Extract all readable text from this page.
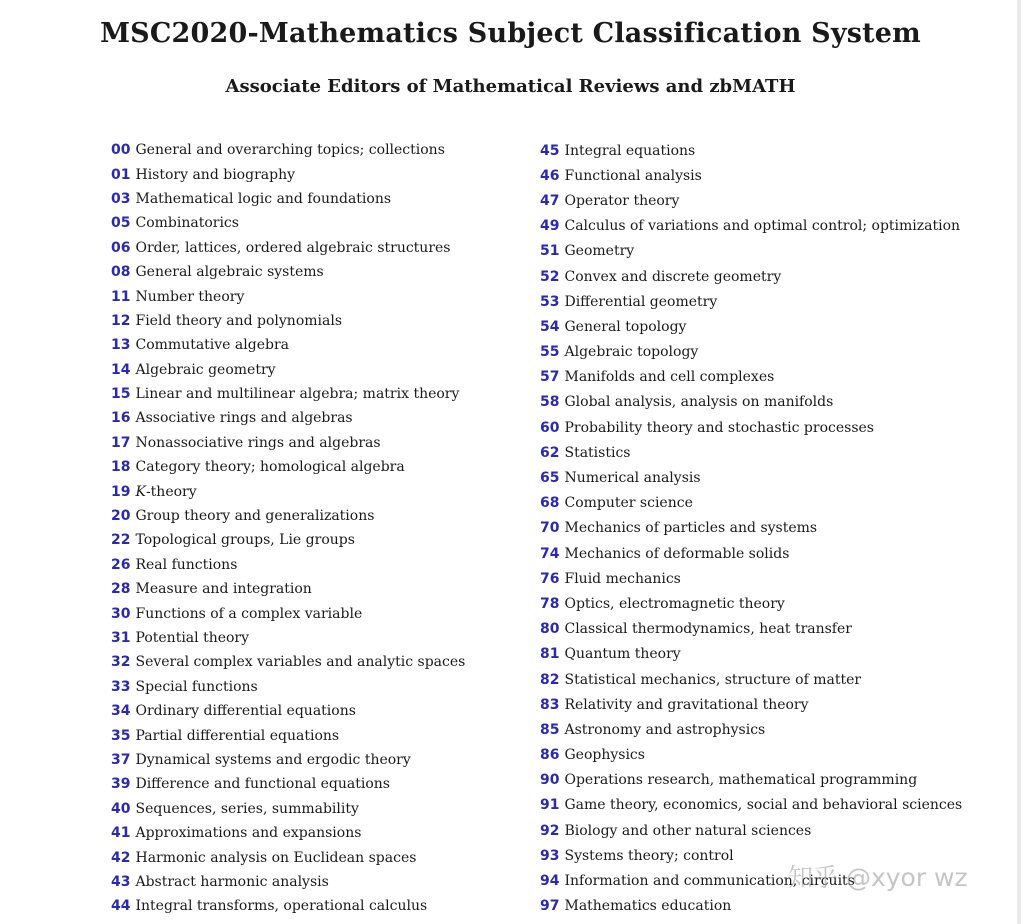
MSC2020-Mathematics Subject Classification System
Associate Editors of Mathematical Reviews and zbMATH
00 General and overarching topics; collections
01 History and biography
03 Mathematical logic and foundations
05 Combinatorics
06 Order, lattices, ordered algebraic structures
08 General algebraic systems
11 Number theory
12 Field theory and polynomials
13 Commutative algebra
14 Algebraic geometry
15 Linear and multilinear algebra; matrix theory
16 Associative rings and algebras
17 Nonassociative rings and algebras
18 Category theory; homological algebra
19 K -theory
20 Group theory and generalizations
22 Topological groups, Lie groups
26 Real functions
28 Measure and integration
30 Functions of a complex variable
31 Potential theory
32 Several complex variables and analytic spaces
33 Special functions
34 Ordinary differential equations
35 Partial differential equations
37 Dynamical systems and ergodic theory
39 Difference and functional equations
40 Sequences, series, summability
41 Approximations and expansions
42 Harmonic analysis on Euclidean spaces
43 Abstract harmonic analysis
44 Integral transforms, operational calculus
45 Integral equations
46 Functional analysis
47 Operator theory
49 Calculus of variations and optimal control; optimization
51 Geometry
52 Convex and discrete geometry
53 Differential geometry
54 General topology
55 Algebraic topology
57 Manifolds and cell complexes
58 Global analysis, analysis on manifolds
60 Probability theory and stochastic processes
62 Statistics
65 Numerical analysis
68 Computer science
70 Mechanics of particles and systems
74 Mechanics of deformable solids
76 Fluid mechanics
78 Optics, electromagnetic theory
80 Classical thermodynamics, heat transfer
81 Quantum theory
82 Statistical mechanics, structure of matter
83 Relativity and gravitational theory
85 Astronomy and astrophysics
86 Geophysics
90 Operations research, mathematical programming
91 Game theory, economics, social and behavioral sciences
92 Biology and other natural sciences
93 Systems theory; control
94 Information and communication, circuits
97 Mathematics education
知乎 @xyor wz
